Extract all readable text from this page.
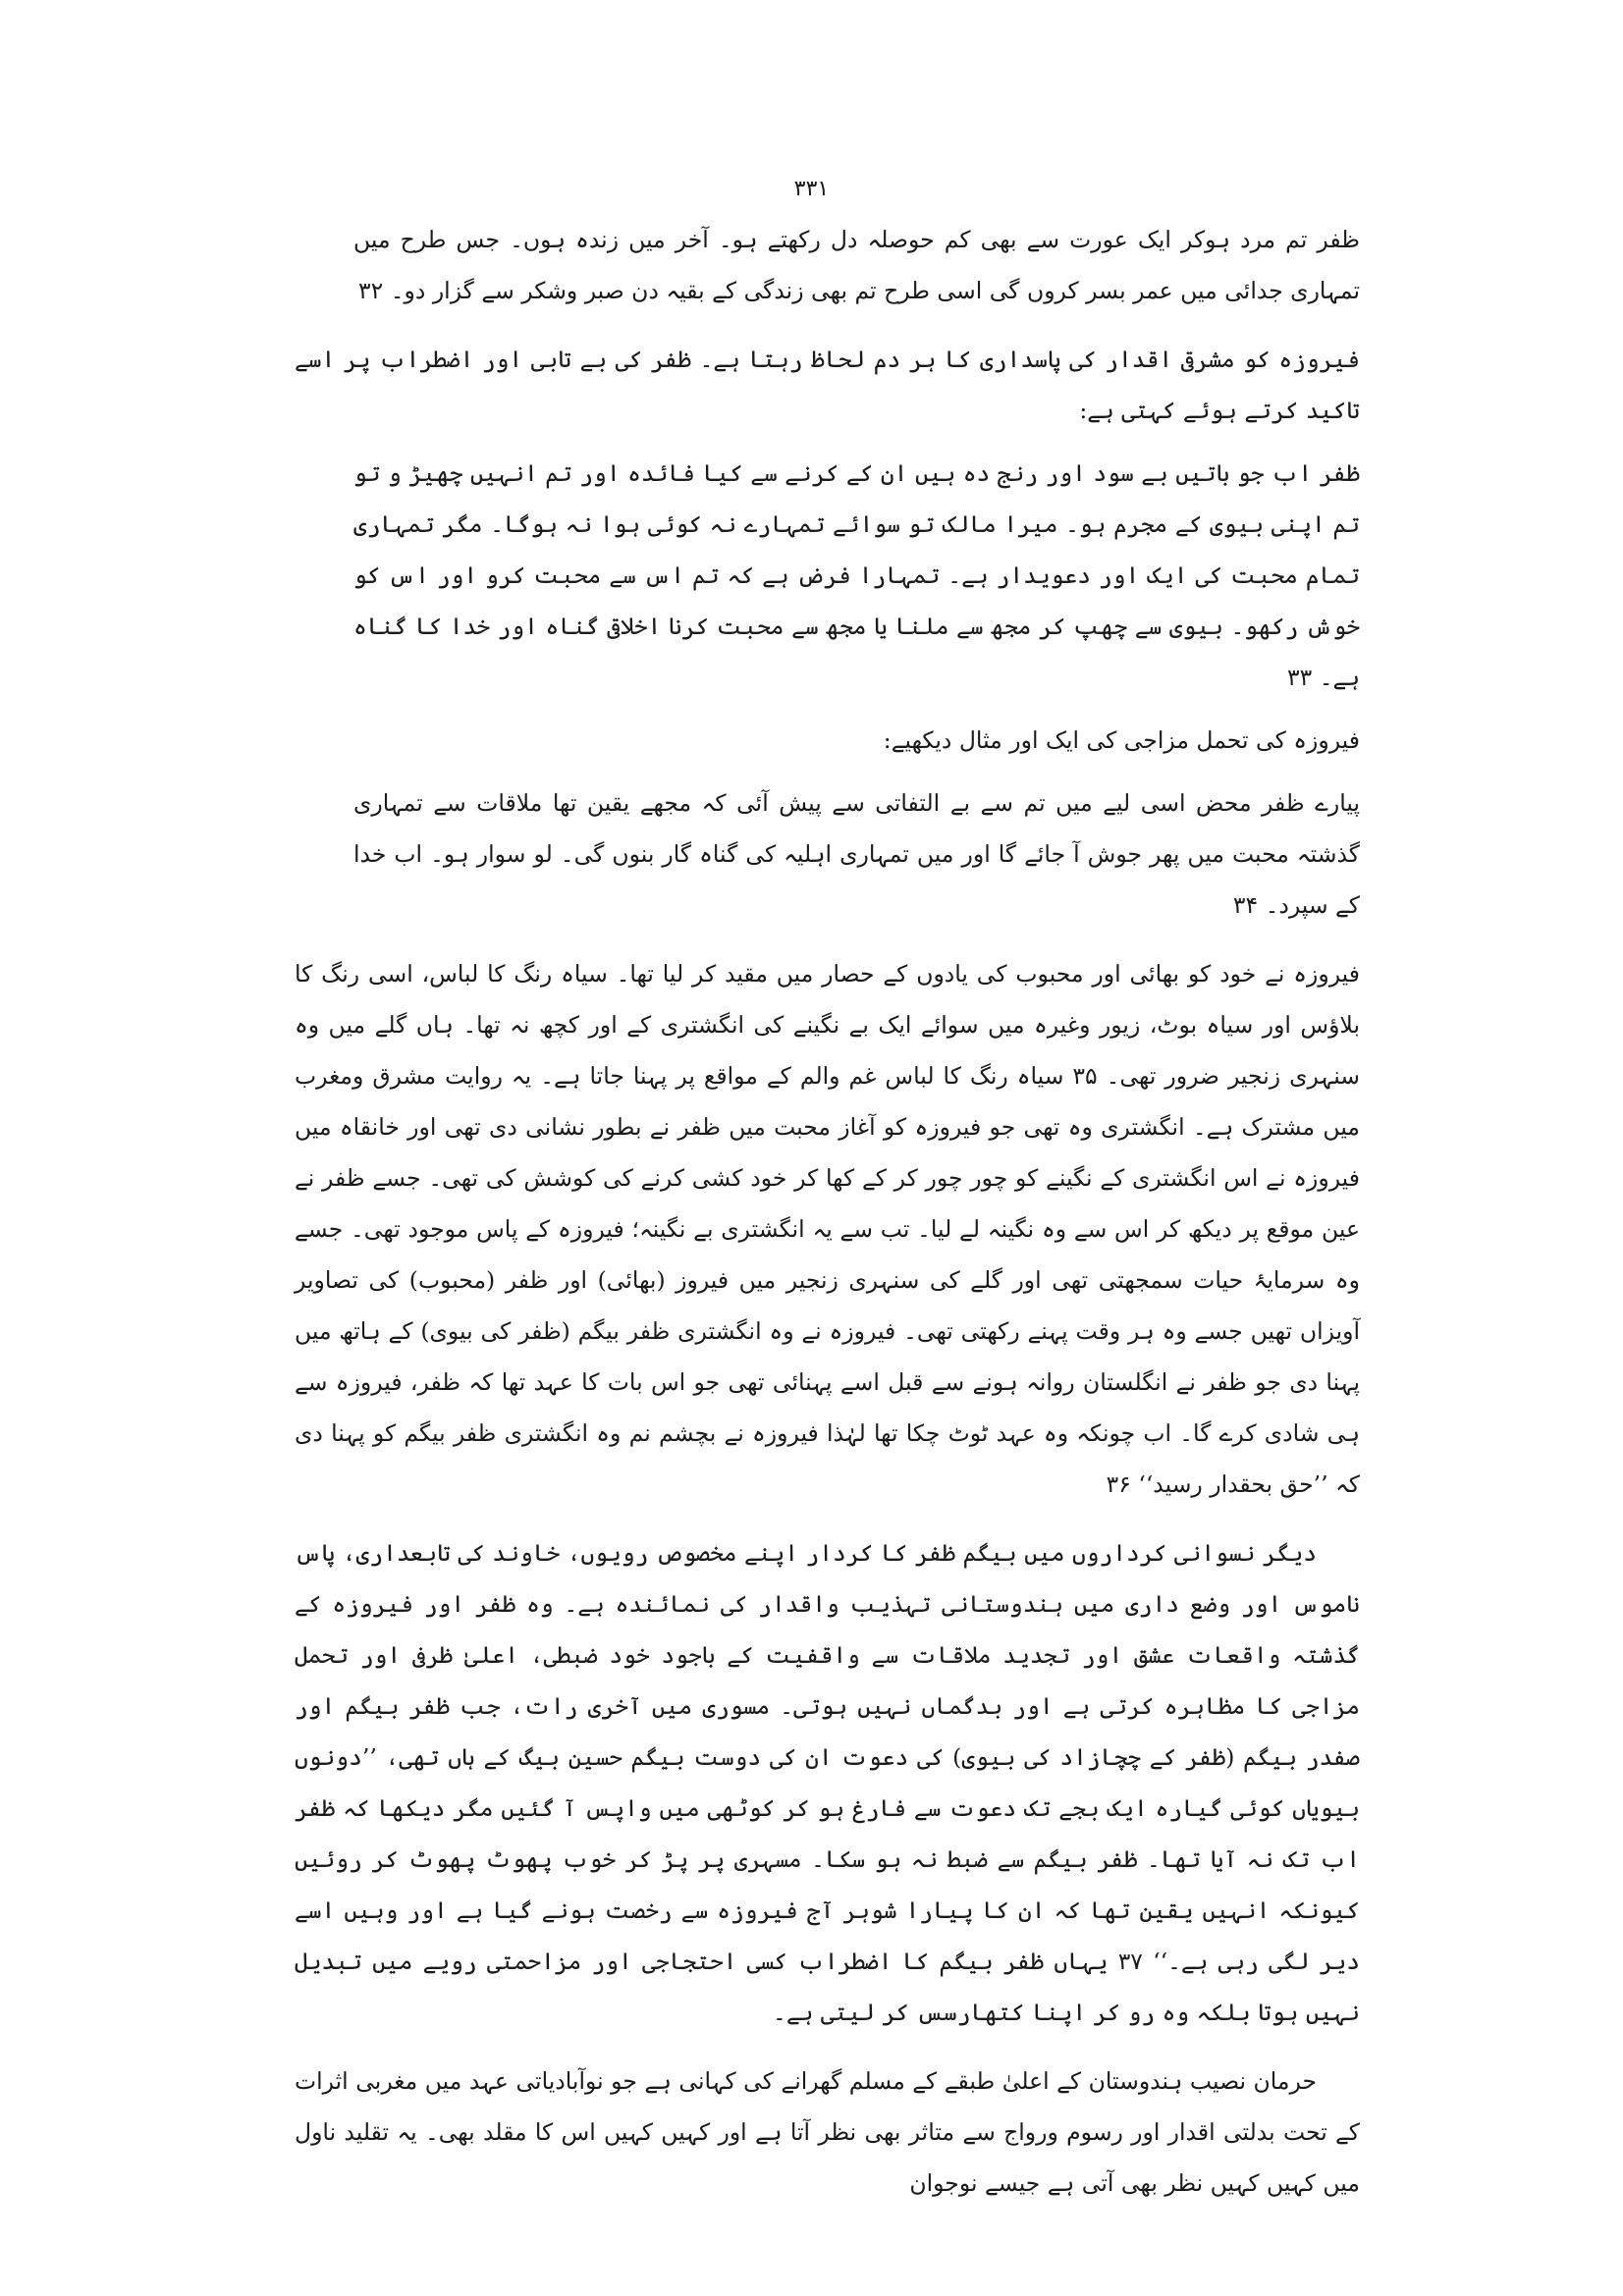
۳۳۱

ظفر تم مرد ہوکر ایک عورت سے بھی کم حوصلہ دل رکھتے ہو۔ آخر میں زندہ ہوں۔ جس طرح میں تمہاری جدائی میں عمر بسر کروں گی اسی طرح تم بھی زندگی کے بقیہ دن صبر وشکر سے گزار دو۔ ۳۲

فیروزہ کو مشرقی اقدار کی پاسداری کا ہر دم لحاظ رہتا ہے۔ ظفر کی بے تابی اور اضطراب پر اسے تاکید کرتے ہوئے کہتی ہے:

ظفر اب جو باتیں بے سود اور رنج دہ ہیں ان کے کرنے سے کیا فائدہ اور تم انہیں چھیڑ و تو تم اپنی بیوی کے مجرم ہو۔ میرا مالک تو سوائے تمہارے نہ کوئی ہوا نہ ہوگا۔ مگر تمہاری تمام محبت کی ایک اور دعویدار ہے۔ تمہارا فرض ہے کہ تم اس سے محبت کرو اور اس کو خوش رکھو۔ بیوی سے چھپ کر مجھ سے ملنا یا مجھ سے محبت کرنا اخلاقی گناہ اور خدا کا گناہ ہے۔ ۳۳

فیروزہ کی تحمل مزاجی کی ایک اور مثال دیکھیے:

پیارے ظفر محض اسی لیے میں تم سے بے التفاتی سے پیش آئی کہ مجھے یقین تھا ملاقات سے تمہاری گذشتہ محبت میں پھر جوش آ جائے گا اور میں تمہاری اہلیہ کی گناہ گار بنوں گی۔ لو سوار ہو۔ اب خدا کے سپرد۔ ۳۴

فیروزہ نے خود کو بھائی اور محبوب کی یادوں کے حصار میں مقید کر لیا تھا۔ سیاہ رنگ کا لباس، اسی رنگ کا بلاؤس اور سیاہ بوٹ، زیور وغیرہ میں سوائے ایک بے نگینے کی انگشتری کے اور کچھ نہ تھا۔ ہاں گلے میں وہ سنہری زنجیر ضرور تھی۔ ۳۵ سیاہ رنگ کا لباس غم والم کے مواقع پر پہنا جاتا ہے۔ یہ روایت مشرق ومغرب میں مشترک ہے۔ انگشتری وہ تھی جو فیروزہ کو آغاز محبت میں ظفر نے بطور نشانی دی تھی اور خانقاہ میں فیروزہ نے اس انگشتری کے نگینے کو چور چور کر کے کھا کر خود کشی کرنے کی کوشش کی تھی۔ جسے ظفر نے عین موقع پر دیکھ کر اس سے وہ نگینہ لے لیا۔ تب سے یہ انگشتری بے نگینہ؛ فیروزہ کے پاس موجود تھی۔ جسے وہ سرمایۂ حیات سمجھتی تھی اور گلے کی سنہری زنجیر میں فیروز (بھائی) اور ظفر (محبوب) کی تصاویر آویزاں تھیں جسے وہ ہر وقت پہنے رکھتی تھی۔ فیروزہ نے وہ انگشتری ظفر بیگم (ظفر کی بیوی) کے ہاتھ میں پہنا دی جو ظفر نے انگلستان روانہ ہونے سے قبل اسے پہنائی تھی جو اس بات کا عہد تھا کہ ظفر، فیروزہ سے ہی شادی کرے گا۔ اب چونکہ وہ عہد ٹوٹ چکا تھا لہٰذا فیروزہ نے بچشم نم وہ انگشتری ظفر بیگم کو پہنا دی کہ ’’حق بحقدار رسید‘‘ ۳۶

دیگر نسوانی کرداروں میں بیگم ظفر کا کردار اپنے مخصوص رویوں، خاوند کی تابعداری، پاس ناموس اور وضع داری میں ہندوستانی تہذیب واقدار کی نمائندہ ہے۔ وہ ظفر اور فیروزہ کے گذشتہ واقعات عشق اور تجدید ملاقات سے واقفیت کے باجود خود ضبطی، اعلیٰ ظرفی اور تحمل مزاجی کا مظاہرہ کرتی ہے اور بدگماں نہیں ہوتی۔ مسوری میں آخری رات، جب ظفر بیگم اور صفدر بیگم (ظفر کے چچازاد کی بیوی) کی دعوت ان کی دوست بیگم حسین بیگ کے ہاں تھی، ’’دونوں بیویاں کوئی گیارہ ایک بجے تک دعوت سے فارغ ہو کر کوٹھی میں واپس آ گئیں مگر دیکھا کہ ظفر اب تک نہ آیا تھا۔ ظفر بیگم سے ضبط نہ ہو سکا۔ مسہری پر پڑ کر خوب پھوٹ پھوٹ کر روئیں کیونکہ انہیں یقین تھا کہ ان کا پیارا شوہر آج فیروزہ سے رخصت ہونے گیا ہے اور وہیں اسے دیر لگی رہی ہے۔‘‘ ۳۷ یہاں ظفر بیگم کا اضطراب کسی احتجاجی اور مزاحمتی رویے میں تبدیل نہیں ہوتا بلکہ وہ رو کر اپنا کتھارسس کر لیتی ہے۔

حرمان نصیب ہندوستان کے اعلیٰ طبقے کے مسلم گھرانے کی کہانی ہے جو نوآبادیاتی عہد میں مغربی اثرات کے تحت بدلتی اقدار اور رسوم ورواج سے متاثر بھی نظر آتا ہے اور کہیں کہیں اس کا مقلد بھی۔ یہ تقلید ناول میں کہیں کہیں نظر بھی آتی ہے جیسے نوجوان
